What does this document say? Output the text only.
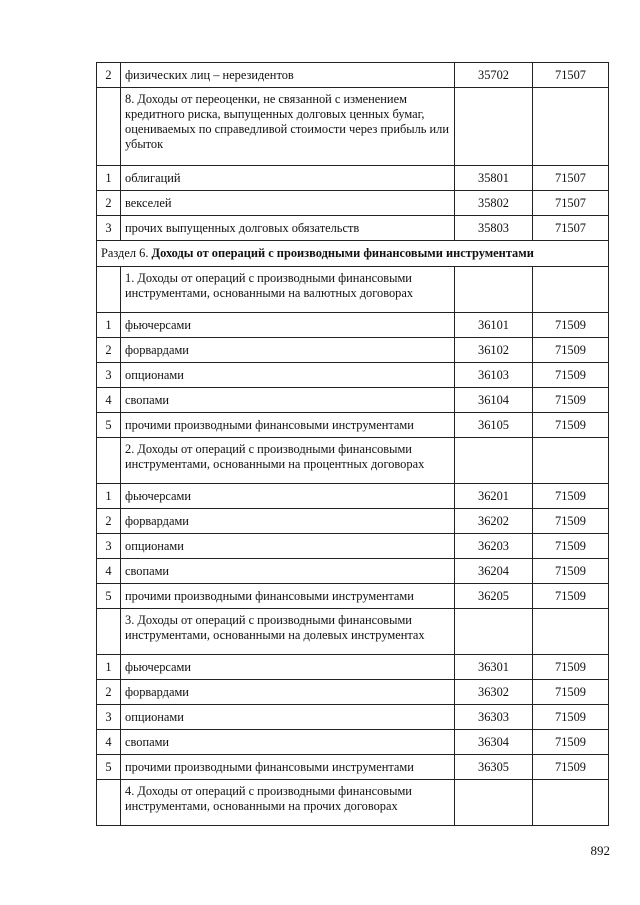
2	физических лиц – нерезидентов	35702	71507
	8. Доходы от переоценки, не связанной с изменением кредитного риска, выпущенных долговых ценных бумаг, оцениваемых по справедливой стоимости через прибыль или убыток		
1	облигаций	35801	71507
2	векселей	35802	71507
3	прочих выпущенных долговых обязательств	35803	71507
Раздел 6. Доходы от операций с производными финансовыми инструментами			
	1. Доходы от операций с производными финансовыми инструментами, основанными на валютных договорах		
1	фьючерсами	36101	71509
2	форвардами	36102	71509
3	опционами	36103	71509
4	свопами	36104	71509
5	прочими производными финансовыми инструментами	36105	71509
	2. Доходы от операций с производными финансовыми инструментами, основанными на процентных договорах		
1	фьючерсами	36201	71509
2	форвардами	36202	71509
3	опционами	36203	71509
4	свопами	36204	71509
5	прочими производными финансовыми инструментами	36205	71509
	3. Доходы от операций с производными финансовыми инструментами, основанными на долевых инструментах		
1	фьючерсами	36301	71509
2	форвардами	36302	71509
3	опционами	36303	71509
4	свопами	36304	71509
5	прочими производными финансовыми инструментами	36305	71509
	4. Доходы от операций с производными финансовыми инструментами, основанными на прочих договорах		
892
